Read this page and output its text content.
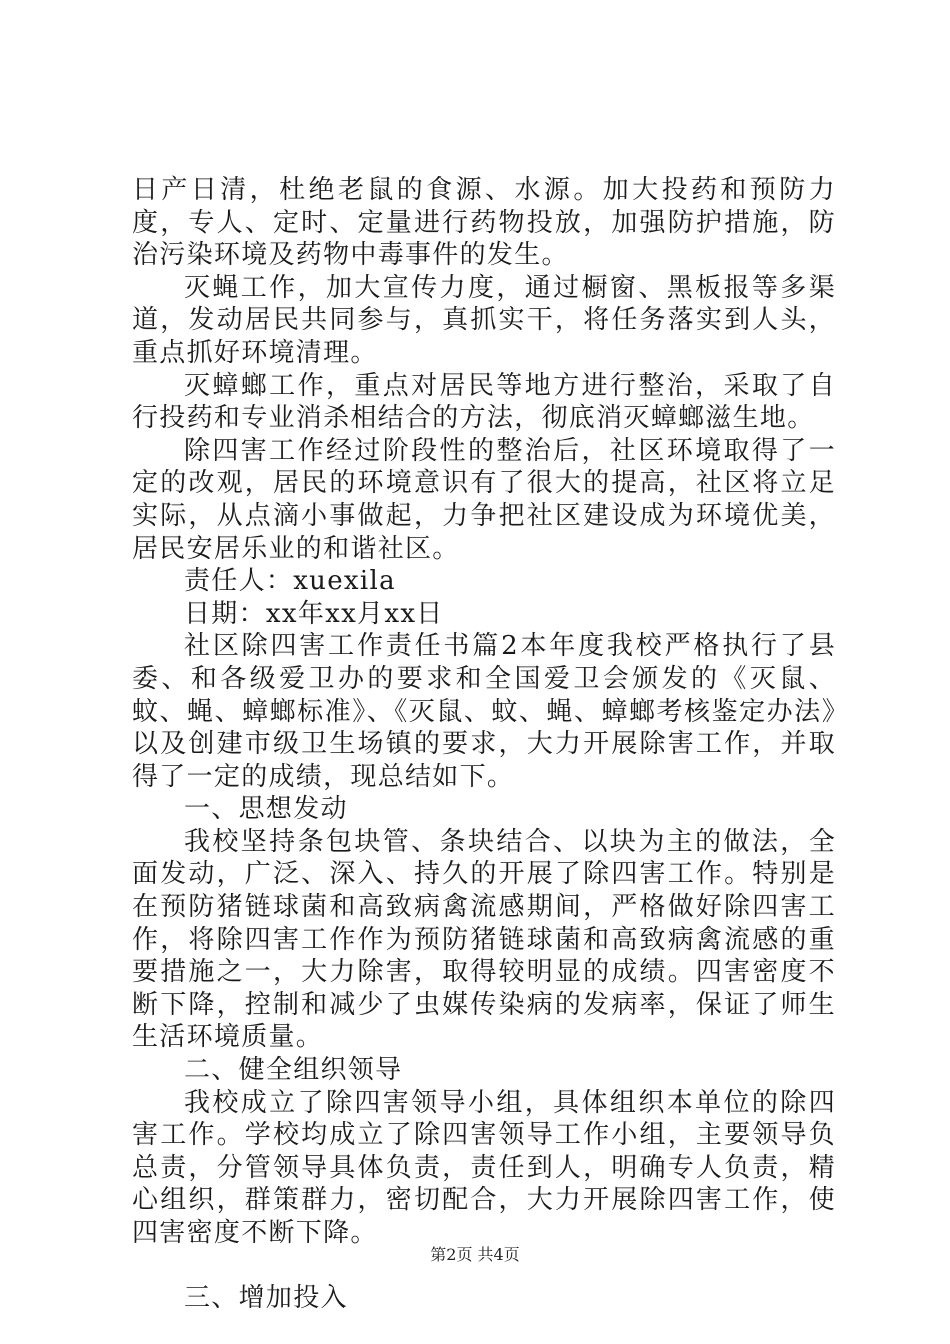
日产日清，杜绝老鼠的食源、水源。加大投药和预防力度，专人、定时、定量进行药物投放，加强防护措施，防治污染环境及药物中毒事件的发生。

灭蝇工作，加大宣传力度，通过橱窗、黑板报等多渠道，发动居民共同参与，真抓实干，将任务落实到人头，重点抓好环境清理。

灭蟑螂工作，重点对居民等地方进行整治，采取了自行投药和专业消杀相结合的方法，彻底消灭蟑螂滋生地。

除四害工作经过阶段性的整治后，社区环境取得了一定的改观，居民的环境意识有了很大的提高，社区将立足实际，从点滴小事做起，力争把社区建设成为环境优美，居民安居乐业的和谐社区。

责任人：xuexila

日期：xx年xx月xx日

社区除四害工作责任书篇2本年度我校严格执行了县委、和各级爱卫办的要求和全国爱卫会颁发的《灭鼠、蚊、蝇、蟑螂标准》、《灭鼠、蚊、蝇、蟑螂考核鉴定办法》以及创建市级卫生场镇的要求，大力开展除害工作，并取得了一定的成绩，现总结如下。

一、思想发动

我校坚持条包块管、条块结合、以块为主的做法，全面发动，广泛、深入、持久的开展了除四害工作。特别是在预防猪链球菌和高致病禽流感期间，严格做好除四害工作，将除四害工作作为预防猪链球菌和高致病禽流感的重要措施之一，大力除害，取得较明显的成绩。四害密度不断下降，控制和减少了虫媒传染病的发病率，保证了师生生活环境质量。

二、健全组织领导

我校成立了除四害领导小组，具体组织本单位的除四害工作。学校均成立了除四害领导工作小组，主要领导负总责，分管领导具体负责，责任到人，明确专人负责，精心组织，群策群力，密切配合，大力开展除四害工作，使四害密度不断下降。

三、增加投入

第2页 共4页
